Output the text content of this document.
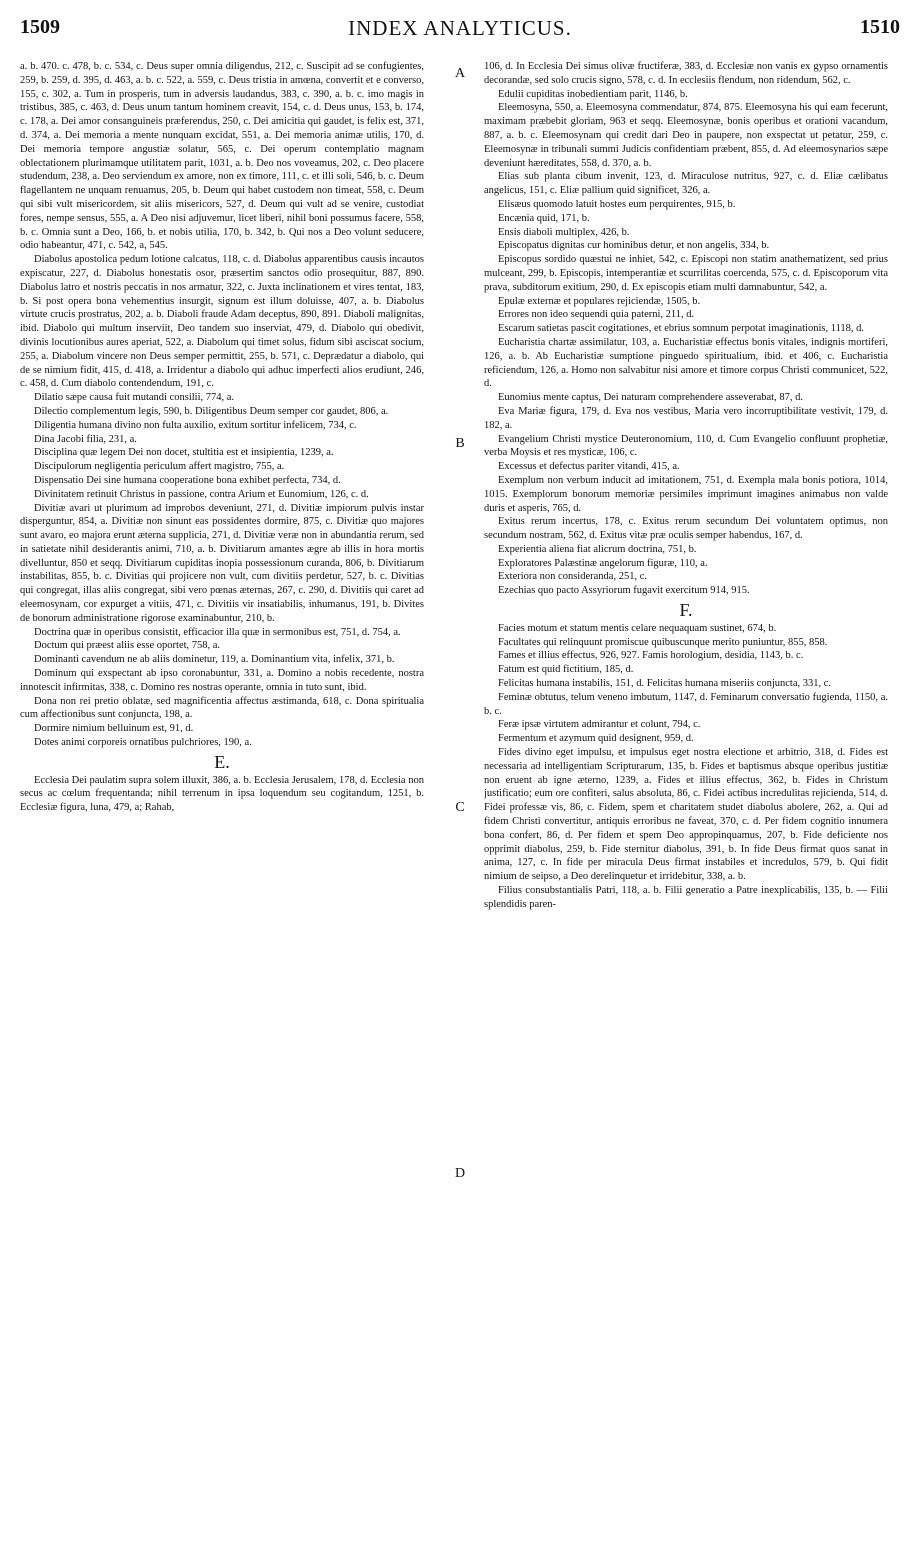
1509	INDEX ANALYTICUS.	1510
A
B
C
D

a. b. 470. c. 478, b. c. 534, c. Deus super omnia diligendus, 212, c. Suscipit ad se confugientes, 259, b. 259, d. 395, d. 463, a. b. c. 522, a. 559, c. Deus tristia in amœna, convertit et e converso, 155, c. 302, a. Tum in prosperis, tum in adversis laudandus, 383, c. 390, a. b. c. imo magis in tristibus, 385, c. 463, d. Deus unum tantum hominem creavit, 154, c. d. Deus unus, 153, b. 174, c. 178, a. Dei amor consanguineis præferendus, 250, c. Dei amicitia qui gaudet, is felix est, 371, d. 374, a. Dei memoria a mente nunquam excidat, 551, a. Dei memoria animæ utilis, 170, d. Dei memoria tempore angustiæ solatur, 565, c. Dei operum contemplatio magnam oblectationem plurimamque utilitatem parit, 1031, a. b. Deo nos voveamus, 202, c. Deo placere studendum, 238, a. Deo serviendum ex amore, non ex timore, 111, c. et illi soli, 546, b. c. Deum flagellantem ne unquam renuamus, 205, b. Deum qui habet custodem non timeat, 558, c. Deum qui sibi vult misericordem, sit aliis misericors, 527, d. Deum qui vult ad se venire, custodiat fores, nempe sensus, 555, a. A Deo nisi adjuvemur, licet liberi, nihil boni possumus facere, 558, b. c. Omnia sunt a Deo, 166, b. et nobis utilia, 170, b. 342, b. Qui nos a Deo volunt seducere, odio habeantur, 471, c. 542, a, 545.

Diabolus apostolica pedum lotione calcatus, 118, c. d. Diabolus apparentibus causis incautos expiscatur, 227, d. Diabolus honestatis osor, præsertim sanctos odio prosequitur, 887, 890. Diabolus latro et nostris peccatis in nos armatur, 322, c. Juxta inclinationem et vires tentat, 183, b. Si post opera bona vehementius insurgit, signum est illum doluisse, 407, a. b. Diabolus virtute crucis prostratus, 202, a. b. Diaboli fraude Adam deceptus, 890, 891. Diaboli malignitas, ibid. Diabolo qui multum inserviit, Deo tandem suo inserviat, 479, d. Diabolo qui obedivit, divinis locutionibus aures aperiat, 522, a. Diabolum qui timet solus, fidum sibi asciscat socium, 255, a. Diabolum vincere non Deus semper permittit, 255, b. 571, c. Deprædatur a diabolo, qui de se nimium fidit, 415, d. 418, a. Irridentur a diabolo qui adhuc imperfecti alios erudiunt, 246, c. 458, d. Cum diabolo contendendum, 191, c.

Dilatio sæpe causa fuit mutandi consilii, 774, a.

Dilectio complementum legis, 590, b. Diligentibus Deum semper cor gaudet, 806, a.

Diligentia humana divino non fulta auxilio, exitum sortitur infelicem, 734, c.

Dina Jacobi filia, 231, a.

Disciplina quæ legem Dei non docet, stultitia est et insipientia, 1239, a.

Discipulorum negligentia periculum affert magistro, 755, a.

Dispensatio Dei sine humana cooperatione bona exhibet perfecta, 734, d.

Divinitatem retinuit Christus in passione, contra Arium et Eunomium, 126, c. d.

Divitiæ avari ut plurimum ad improbos deveniunt, 271, d. Divitiæ impiorum pulvis instar disperguntur, 854, a. Divitiæ non sinunt eas possidentes dormire, 875, c. Divitiæ quo majores sunt avaro, eo majora erunt æterna supplicia, 271, d. Divitiæ veræ non in abundantia rerum, sed in satietate nihil desiderantis animi, 710, a. b. Divitiarum amantes ægre ab illis in hora mortis divelluntur, 850 et seqq. Divitiarum cupiditas inopia possessionum curanda, 806, b. Divitiarum instabilitas, 855, b. c. Divitias qui projicere non vult, cum divitiis perdetur, 527, b. c. Divitias qui congregat, illas aliis congregat, sibi vero pœnas æternas, 267, c. 290, d. Divitiis qui caret ad eleemosynam, cor expurget a vitiis, 471, c. Divitiis vir insatiabilis, inhumanus, 191, b. Divites de bonorum administratione rigorose examinabuntur, 210, b.

Doctrina quæ in operibus consistit, efficacior illa quæ in sermonibus est, 751, d. 754, a.

Doctum qui præest aliis esse oportet, 758, a.

Dominanti cavendum ne ab aliis dominetur, 119, a. Dominantium vita, infelix, 371, b.

Dominum qui exspectant ab ipso coronabuntur, 331, a. Domino a nobis recedente, nostra innotescit infirmitas, 338, c. Domino res nostras operante, omnia in tuto sunt, ibid.

Dona non rei pretio oblatæ, sed magnificentia affectus æstimanda, 618, c. Dona spiritualia cum affectionibus sunt conjuncta, 198, a.

Dormire nimium belluinum est, 91, d.

Dotes animi corporeis ornatibus pulchriores, 190, a.

E.

Ecclesia Dei paulatim supra solem illuxit, 386, a. b. Ecclesia Jerusalem, 178, d. Ecclesia non secus ac cœlum frequentanda; nihil terrenum in ipsa loquendum seu cogitandum, 1251, b. Ecclesiæ figura, luna, 479, a; Rahab,

106, d. In Ecclesia Dei simus olivæ fructiferæ, 383, d. Ecclesiæ non vanis ex gypso ornamentis decorandæ, sed solo crucis signo, 578, c. d. In ecclesiis flendum, non ridendum, 562, c.

Edulii cupiditas inobedientiam parit, 1146, b.

Eleemosyna, 550, a. Eleemosyna commendatur, 874, 875. Eleemosyna his qui eam fecerunt, maximam præbebit gloriam, 963 et seqq. Eleemosynæ, bonis operibus et orationi vacandum, 887, a. b. c. Eleemosynam qui credit dari Deo in paupere, non exspectat ut petatur, 259, c. Eleemosynæ in tribunali summi Judicis confidentiam præbent, 855, d. Ad eleemosynarios sæpe deveniunt hæreditates, 558, d. 370, a. b.

Elias sub planta cibum invenit, 123, d. Miraculose nutritus, 927, c. d. Eliæ cælibatus angelicus, 151, c. Eliæ pallium quid significet, 326, a.

Elisæus quomodo latuit hostes eum perquirentes, 915, b.

Encænia quid, 171, b.

Ensis diaboli multiplex, 426, b.

Episcopatus dignitas cur hominibus detur, et non angelis, 334, b.

Episcopus sordido quæstui ne inhiet, 542, c. Episcopi non statim anathematizent, sed prius mulceant, 299, b. Episcopis, intemperantiæ et scurrilitas coercenda, 575, c. d. Episcoporum vita prava, subditorum exitium, 290, d. Ex episcopis etiam multi damnabuntur, 542, a.

Epulæ externæ et populares rejiciendæ, 1505, b.

Errores non ideo sequendi quia paterni, 211, d.

Escarum satietas pascit cogitationes, et ebrius somnum perpotat imaginationis, 1118, d.

Eucharistia chartæ assimilatur, 103, a. Eucharistiæ effectus bonis vitales, indignis mortiferi, 126, a. b. Ab Eucharistiæ sumptione pinguedo spiritualium, ibid. et 406, c. Eucharistia reficiendum, 126, a. Homo non salvabitur nisi amore et timore corpus Christi communicet, 522, d.

Eunomius mente captus, Dei naturam comprehendere asseverabat, 87, d.

Eva Mariæ figura, 179, d. Eva nos vestibus, Maria vero incorruptibilitate vestivit, 179, d. 182, a.

Evangelium Christi mystice Deuteronomium, 110, d. Cum Evangelio confluunt prophetiæ, verba Moysis et res mysticæ, 106, c.

Excessus et defectus pariter vitandi, 415, a.

Exemplum non verbum inducit ad imitationem, 751, d. Exempla mala bonis potiora, 1014, 1015. Exemplorum bonorum memoriæ persimiles imprimunt imagines animabus non valde duris et asperis, 765, d.

Exitus rerum incertus, 178, c. Exitus rerum secundum Dei voluntatem optimus, non secundum nostram, 562, d. Exitus vitæ præ oculis semper habendus, 167, d.

Experientia aliena fiat alicrum doctrina, 751, b.

Exploratores Palæstinæ angelorum figuræ, 110, a.

Exteriora non consideranda, 251, c.

Ezechias quo pacto Assyriorum fugavit exercitum 914, 915.

F.

Facies motum et statum mentis celare nequaquam sustinet, 674, b.

Facultates qui relinquunt promiscue quibuscunque merito puniuntur, 855, 858.

Fames et illius effectus, 926, 927. Famis horologium, desidia, 1143, b. c.

Fatum est quid fictitium, 185, d.

Felicitas humana instabilis, 151, d. Felicitas humana miseriis conjuncta, 331, c.

Feminæ obtutus, telum veneno imbutum, 1147, d. Feminarum conversatio fugienda, 1150, a. b. c.

Feræ ipsæ virtutem admirantur et colunt, 794, c.

Fermentum et azymum quid designent, 959, d.

Fides divino eget impulsu, et impulsus eget nostra electione et arbitrio, 318, d. Fides est necessaria ad intelligentiam Scripturarum, 135, b. Fides et baptismus absque operibus justitiæ non eruent ab igne æterno, 1239, a. Fides et illius effectus, 362, b. Fides in Christum justificatio; eum ore confiteri, salus absoluta, 86, c. Fidei actibus incredulitas rejicienda, 514, d. Fidei professæ vis, 86, c. Fidem, spem et charitatem studet diabolus abolere, 262, a. Qui ad fidem Christi convertitur, antiquis erroribus ne faveat, 370, c. d. Per fidem cognitio innumera bona confert, 86, d. Per fidem et spem Deo appropinquamus, 207, b. Fide deficiente nos opprimit diabolus, 259, b. Fide sternitur diabolus, 391, b. In fide Deus firmat quos sanat in anima, 127, c. In fide per miracula Deus firmat instabiles et incredulos, 579, b. Qui fidit nimium de seipso, a Deo derelinquetur et irridebitur, 338, a. b.

Filius consubstantialis Patri, 118, a. b. Filii generatio a Patre inexplicabilis, 135, b. — Filii splendidis paren-
